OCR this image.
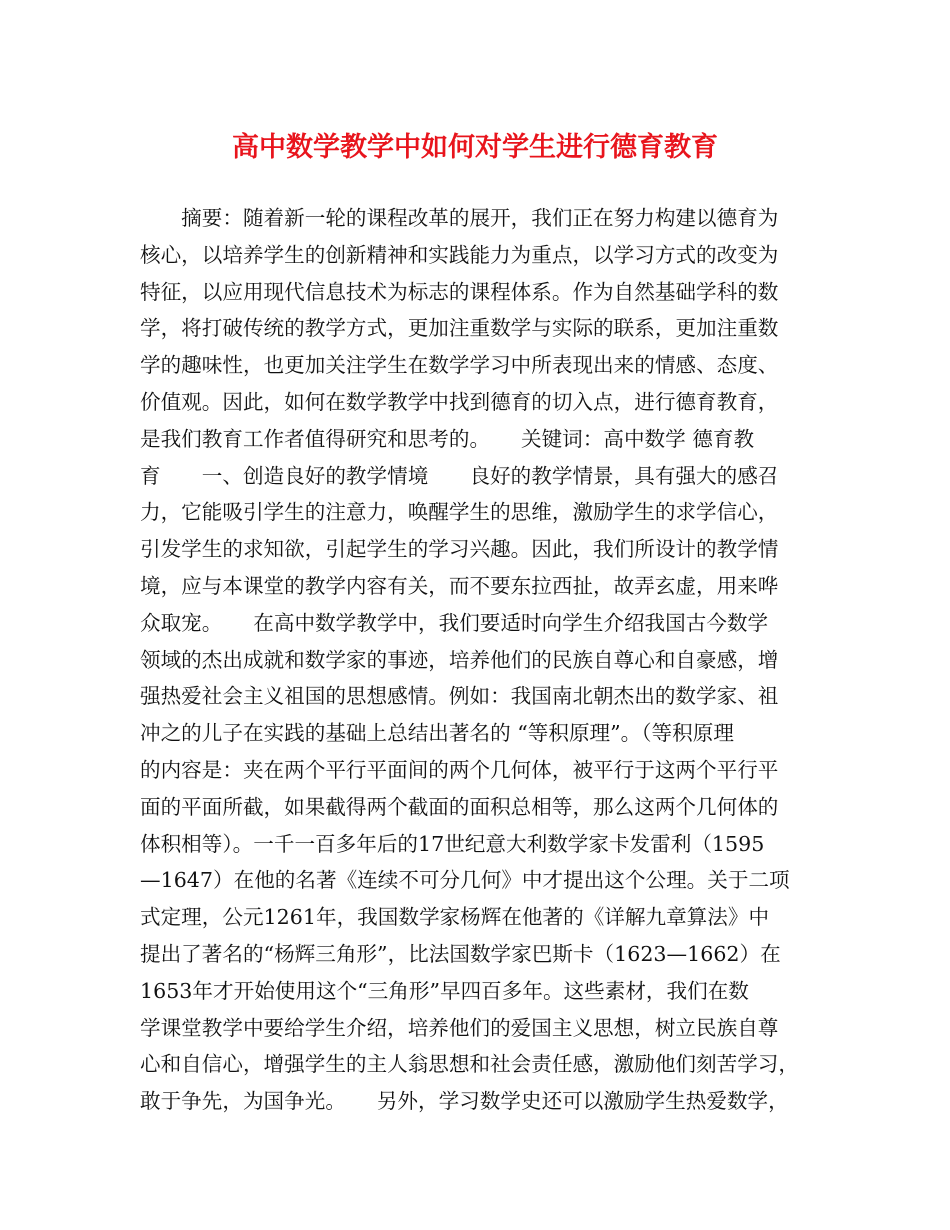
高中数学教学中如何对学生进行德育教育
　　摘要：随着新一轮的课程改革的展开，我们正在努力构建以德育为
核心，以培养学生的创新精神和实践能力为重点，以学习方式的改变为
特征，以应用现代信息技术为标志的课程体系。作为自然基础学科的数
学，将打破传统的教学方式，更加注重数学与实际的联系，更加注重数
学的趣味性，也更加关注学生在数学学习中所表现出来的情感、态度、
价值观。因此，如何在数学教学中找到德育的切入点，进行德育教育，
是我们教育工作者值得研究和思考的。　　关键词：高中数学 德育教
育　　一、创造良好的教学情境　　良好的教学情景，具有强大的感召
力，它能吸引学生的注意力，唤醒学生的思维，激励学生的求学信心，
引发学生的求知欲，引起学生的学习兴趣。因此，我们所设计的教学情
境，应与本课堂的教学内容有关，而不要东拉西扯，故弄玄虚，用来哗
众取宠。　　在高中数学教学中，我们要适时向学生介绍我国古今数学
领域的杰出成就和数学家的事迹，培养他们的民族自尊心和自豪感，增
强热爱社会主义祖国的思想感情。例如：我国南北朝杰出的数学家、祖
冲之的儿子在实践的基础上总结出著名的 “等积原理”。（等积原理
的内容是：夹在两个平行平面间的两个几何体，被平行于这两个平行平
面的平面所截，如果截得两个截面的面积总相等，那么这两个几何体的
体积相等）。一千一百多年后的17世纪意大利数学家卡发雷利（1595
—1647）在他的名著《连续不可分几何》中才提出这个公理。关于二项
式定理，公元1261年，我国数学家杨辉在他著的《详解九章算法》中
提出了著名的“杨辉三角形”，比法国数学家巴斯卡（1623—1662）在
1653年才开始使用这个“三角形”早四百多年。这些素材，我们在数
学课堂教学中要给学生介绍，培养他们的爱国主义思想，树立民族自尊
心和自信心，增强学生的主人翁思想和社会责任感，激励他们刻苦学习，
敢于争先，为国争光。　　另外，学习数学史还可以激励学生热爱数学，
